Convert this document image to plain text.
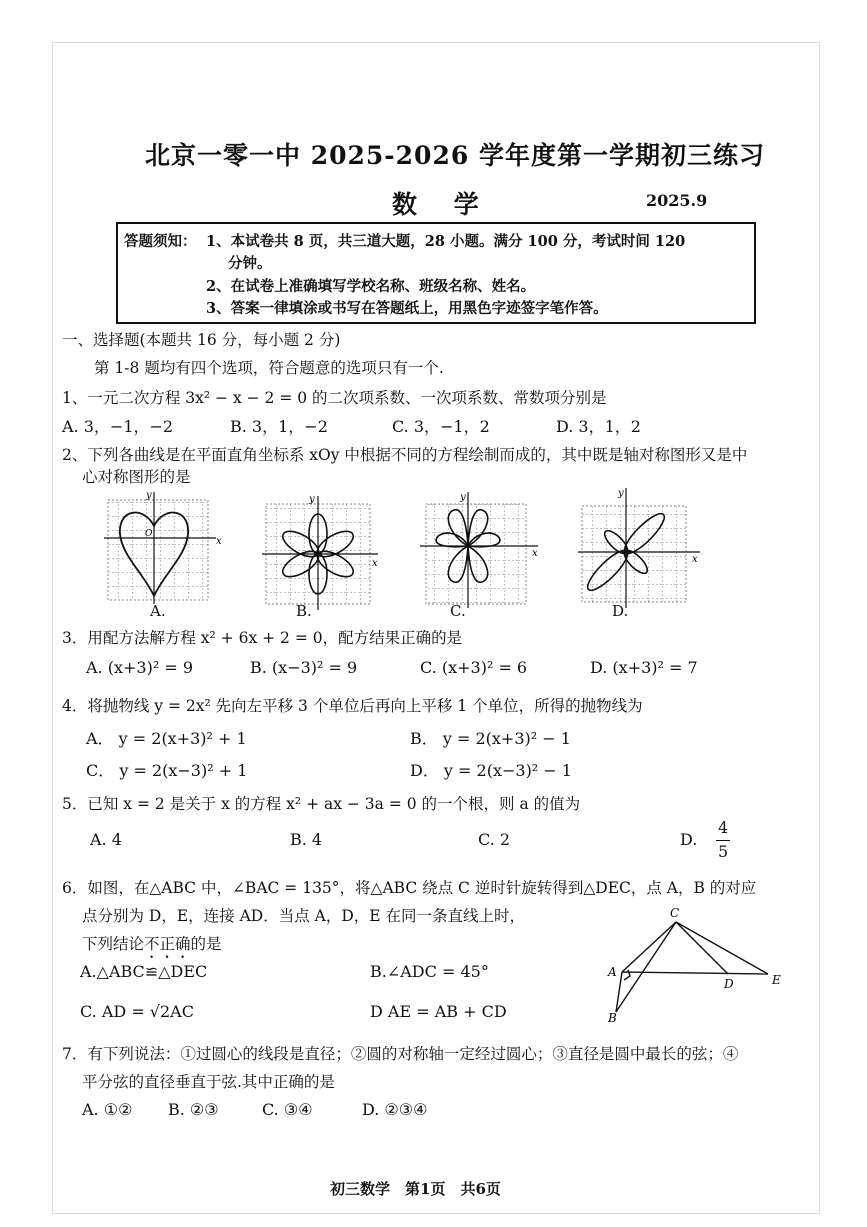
北京一零一中 2025-2026 学年度第一学期初三练习
数 学	2025.9
答题须知： 1、本试卷共 8 页，共三道大题，28 小题。满分 100 分，考试时间 120
分钟。
2、在试卷上准确填写学校名称、班级名称、姓名。
3、答案一律填涂或书写在答题纸上，用黑色字迹签字笔作答。
一、选择题(本题共 16 分，每小题 2 分)
第 1-8 题均有四个选项，符合题意的选项只有一个.
1、一元二次方程 3x² − x − 2 = 0 的二次项系数、一次项系数、常数项分别是
A. 3，−1，−2	B. 3，1，−2	C. 3，−1，2	D. 3，1，2
2、下列各曲线是在平面直角坐标系 xOy 中根据不同的方程绘制而成的，其中既是轴对称图形又是中
心对称图形的是
x
y
O
A.
x
y
B.
x
y
C.
x
y
D.
3．用配方法解方程 x² + 6x + 2 = 0，配方结果正确的是
A. (x+3)² = 9	B. (x−3)² = 9	C. (x+3)² = 6	D. (x+3)² = 7
4．将抛物线 y = 2x² 先向左平移 3 个单位后再向上平移 1 个单位，所得的抛物线为
A． y = 2(x+3)² + 1	B． y = 2(x+3)² − 1
C． y = 2(x−3)² + 1	D． y = 2(x−3)² − 1
5．已知 x = 2 是关于 x 的方程 x² + ax − 3a = 0 的一个根，则 a 的值为
A. 4	B. 4	C. 2	D.
4
5
6．如图，在△ABC 中，∠BAC = 135°，将△ABC 绕点 C 逆时针旋转得到△DEC，点 A，B 的对应
点分别为 D，E，连接 AD．当点 A，D，E 在同一条直线上时，
下列结论不正确的是
A.△ABC≌△DEC	B.∠ADC = 45°
C. AD = √2AC	D AE = AB + CD
C
A
D	E
B
7．有下列说法：①过圆心的线段是直径；②圆的对称轴一定经过圆心；③直径是圆中最长的弦；④
平分弦的直径垂直于弦.其中正确的是
A. ①② B. ②③	C. ③④	D. ②③④
初三数学　第1页　共6页
